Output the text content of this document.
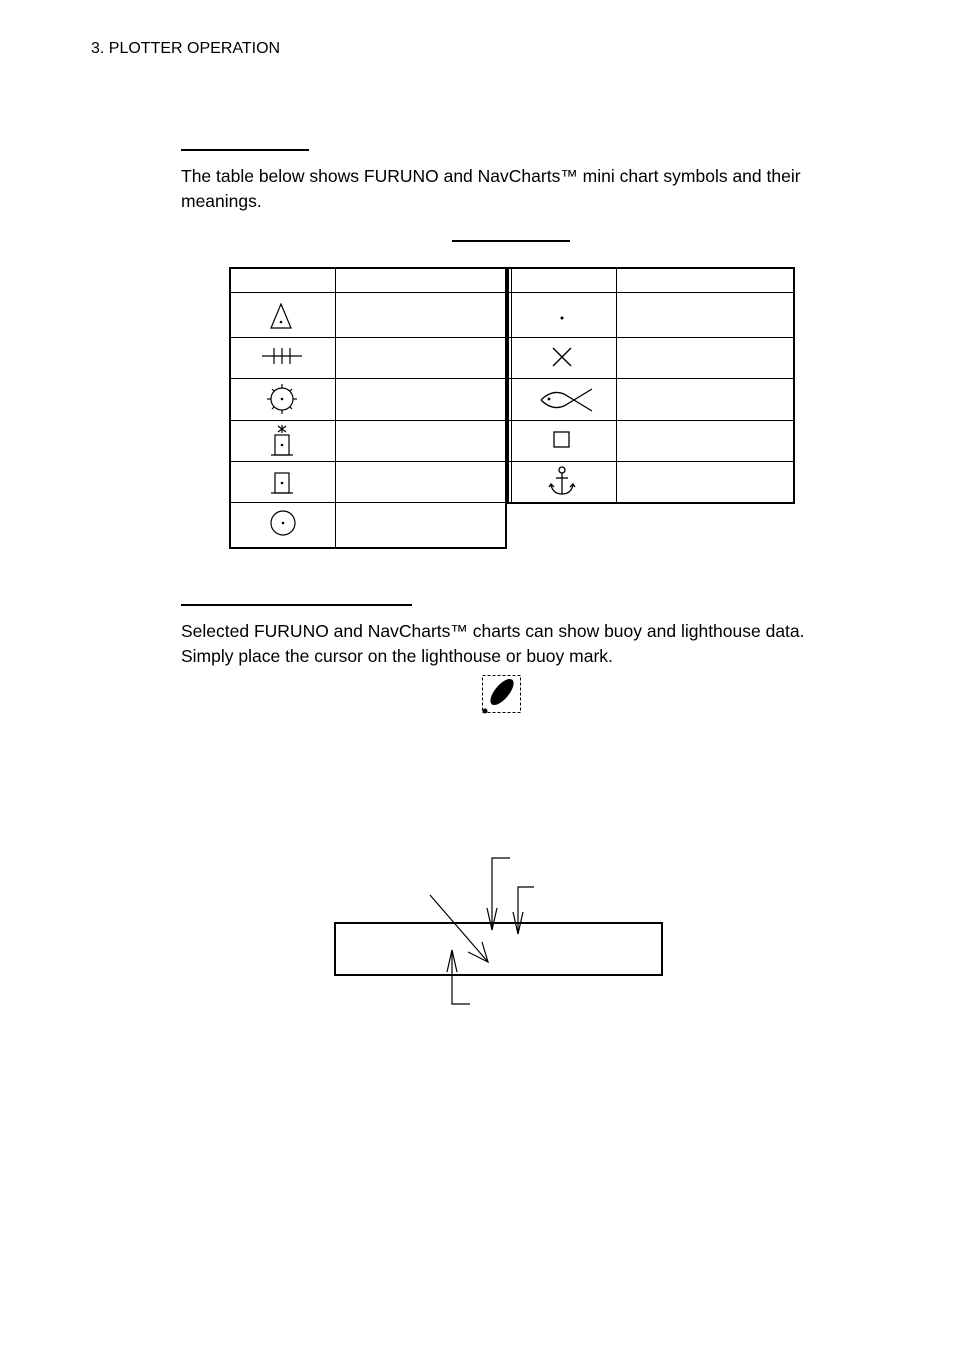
3. PLOTTER OPERATION

The table below shows FURUNO and NavCharts™ mini chart symbols and their meanings.

Selected FURUNO and NavCharts™ charts can show buoy and lighthouse data.

Simply place the cursor on the lighthouse or buoy mark.
